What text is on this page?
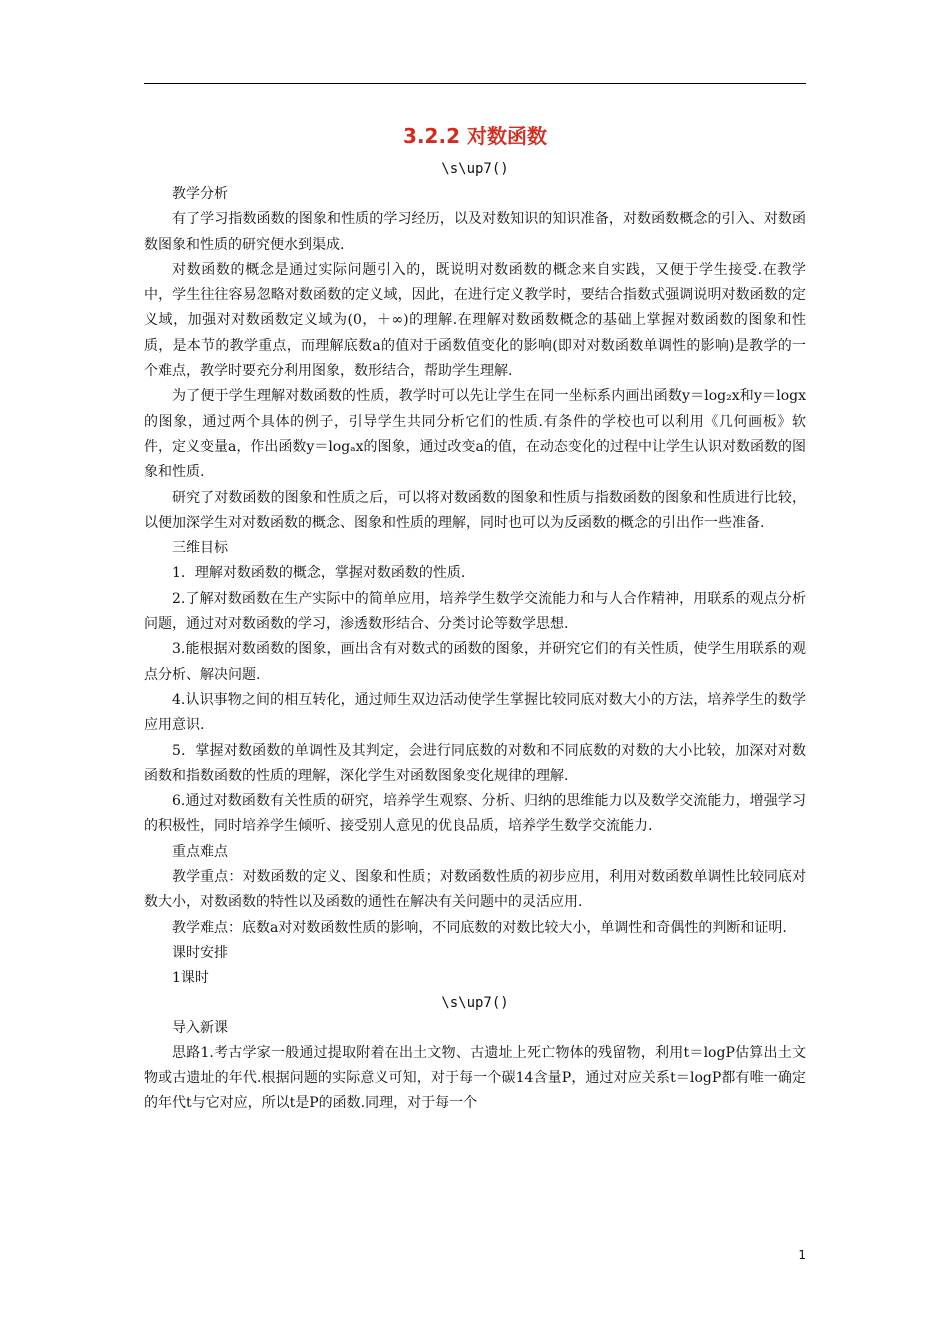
3.2.2 对数函数
\s\up7()

教学分析

有了学习指数函数的图象和性质的学习经历，以及对数知识的知识准备，对数函数概念的引入、对数函数图象和性质的研究便水到渠成.

对数函数的概念是通过实际问题引入的，既说明对数函数的概念来自实践，又便于学生接受.在教学中，学生往往容易忽略对数函数的定义域，因此，在进行定义教学时，要结合指数式强调说明对数函数的定义域，加强对对数函数定义域为(0，＋∞)的理解.在理解对数函数概念的基础上掌握对数函数的图象和性质，是本节的教学重点，而理解底数a的值对于函数值变化的影响(即对对数函数单调性的影响)是教学的一个难点，教学时要充分利用图象，数形结合，帮助学生理解.

为了便于学生理解对数函数的性质，教学时可以先让学生在同一坐标系内画出函数y＝log₂x和y＝logx的图象，通过两个具体的例子，引导学生共同分析它们的性质.有条件的学校也可以利用《几何画板》软件，定义变量a，作出函数y＝logₐx的图象，通过改变a的值，在动态变化的过程中让学生认识对数函数的图象和性质.

研究了对数函数的图象和性质之后，可以将对数函数的图象和性质与指数函数的图象和性质进行比较，以便加深学生对对数函数的概念、图象和性质的理解，同时也可以为反函数的概念的引出作一些准备.

三维目标

1．理解对数函数的概念，掌握对数函数的性质.

2.了解对数函数在生产实际中的简单应用，培养学生数学交流能力和与人合作精神，用联系的观点分析问题，通过对对数函数的学习，渗透数形结合、分类讨论等数学思想.

3.能根据对数函数的图象，画出含有对数式的函数的图象，并研究它们的有关性质，使学生用联系的观点分析、解决问题.

4.认识事物之间的相互转化，通过师生双边活动使学生掌握比较同底对数大小的方法，培养学生的数学应用意识.

5．掌握对数函数的单调性及其判定，会进行同底数的对数和不同底数的对数的大小比较，加深对对数函数和指数函数的性质的理解，深化学生对函数图象变化规律的理解.

6.通过对数函数有关性质的研究，培养学生观察、分析、归纳的思维能力以及数学交流能力，增强学习的积极性，同时培养学生倾听、接受别人意见的优良品质，培养学生数学交流能力.

重点难点

教学重点：对数函数的定义、图象和性质；对数函数性质的初步应用，利用对数函数单调性比较同底对数大小，对数函数的特性以及函数的通性在解决有关问题中的灵活应用.

教学难点：底数a对对数函数性质的影响，不同底数的对数比较大小，单调性和奇偶性的判断和证明.

课时安排

1课时

\s\up7()

导入新课

思路1.考古学家一般通过提取附着在出土文物、古遗址上死亡物体的残留物，利用t＝logP估算出土文物或古遗址的年代.根据问题的实际意义可知，对于每一个碳14含量P，通过对应关系t＝logP都有唯一确定的年代t与它对应，所以t是P的函数.同理，对于每一个

1
